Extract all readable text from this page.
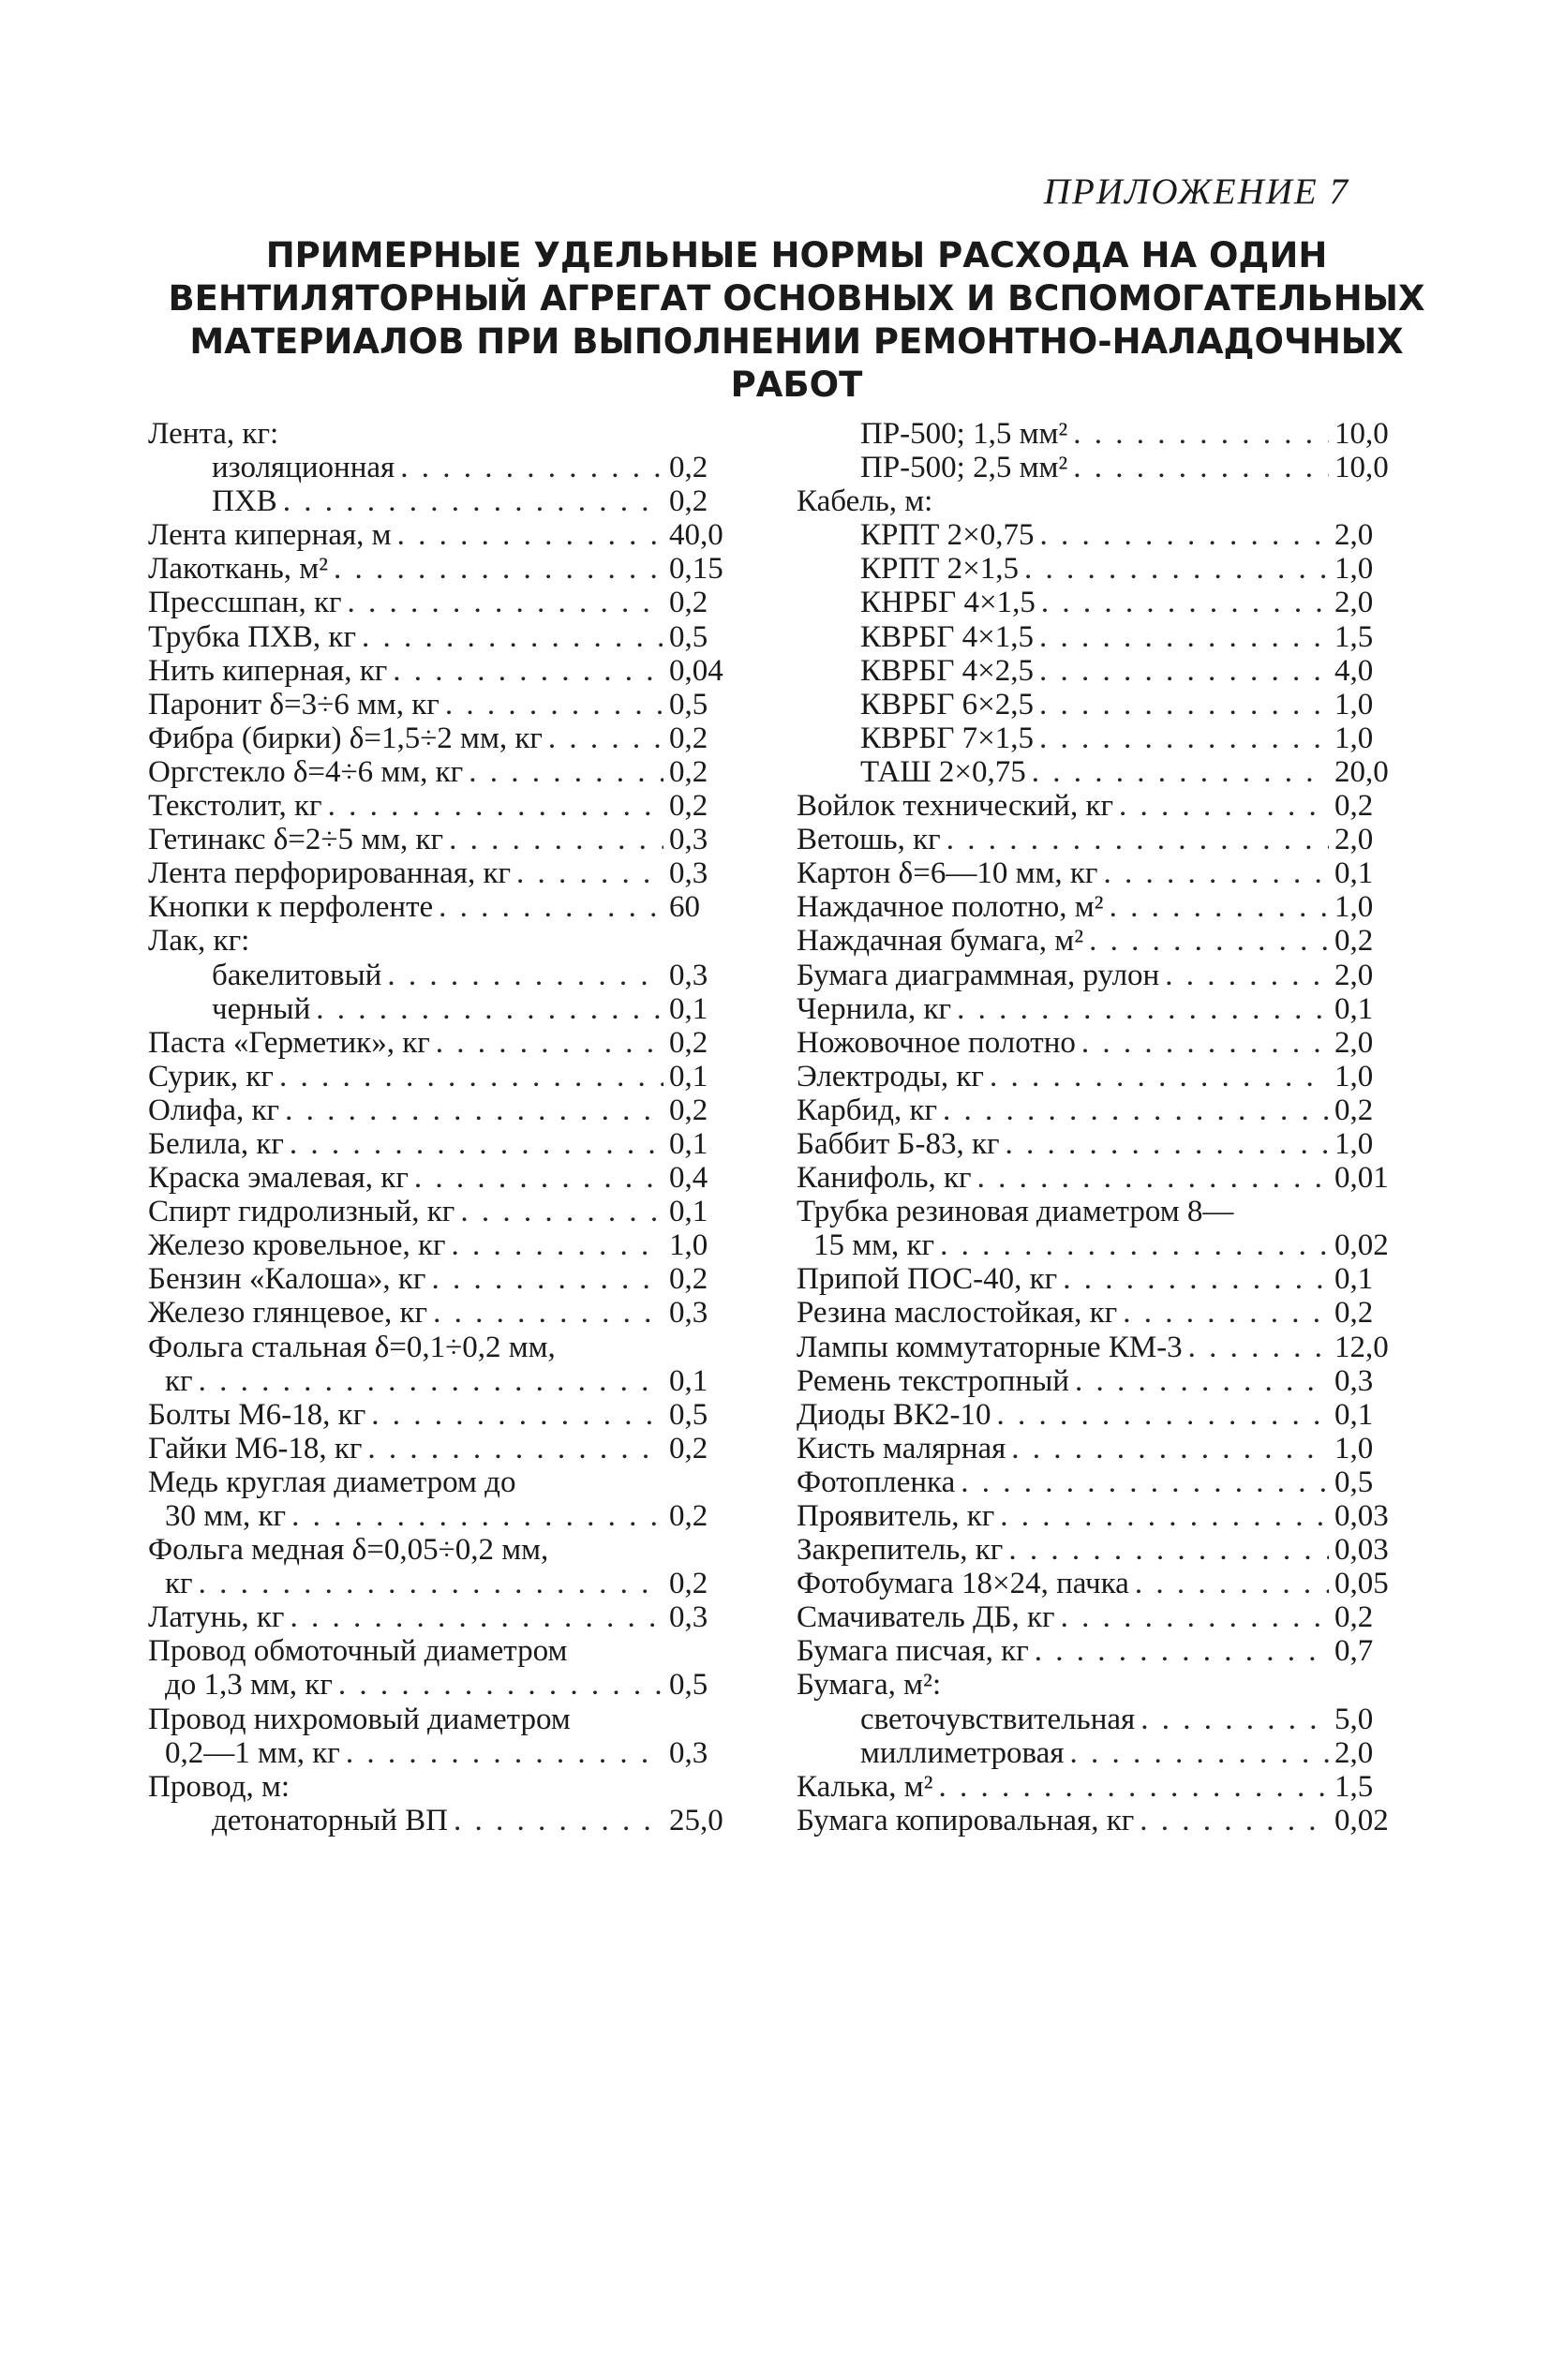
ПРИЛОЖЕНИЕ 7
ПРИМЕРНЫЕ УДЕЛЬНЫЕ НОРМЫ РАСХОДА НА ОДИН
ВЕНТИЛЯТОРНЫЙ АГРЕГАТ ОСНОВНЫХ И ВСПОМОГАТЕЛЬНЫХ
МАТЕРИАЛОВ ПРИ ВЫПОЛНЕНИИ РЕМОНТНО-НАЛАДОЧНЫХ
РАБОТ
Лента, кг:
изоляционная . . .	0,2
ПХВ . . .	0,2
Лента киперная, м . . .	40,0
Лакоткань, м² . . .	0,15
Прессшпан, кг . . .	0,2
Трубка ПХВ, кг . . .	0,5
Нить киперная, кг . . .	0,04
Паронит δ=3÷6 мм, кг . . .	0,5
Фибра (бирки) δ=1,5÷2 мм, кг . . .	0,2
Оргстекло δ=4÷6 мм, кг . . .	0,2
Текстолит, кг . . .	0,2
Гетинакс δ=2÷5 мм, кг . . .	0,3
Лента перфорированная, кг . . .	0,3
Кнопки к перфоленте . . .	60
Лак, кг:
бакелитовый . . .	0,3
черный . . .	0,1
Паста «Герметик», кг . . .	0,2
Сурик, кг . . .	0,1
Олифа, кг . . .	0,2
Белила, кг . . .	0,1
Краска эмалевая, кг . . .	0,4
Спирт гидролизный, кг . . .	0,1
Железо кровельное, кг . . .	1,0
Бензин «Калоша», кг . . .	0,2
Железо глянцевое, кг . . .	0,3
Фольга стальная δ=0,1÷0,2 мм,
кг . . .	0,1
Болты М6-18, кг . . .	0,5
Гайки М6-18, кг . . .	0,2
Медь круглая диаметром до
30 мм, кг . . .	0,2
Фольга медная δ=0,05÷0,2 мм,
кг . . .	0,2
Латунь, кг . . .	0,3
Провод обмоточный диаметром
до 1,3 мм, кг . . .	0,5
Провод нихромовый диаметром
0,2—1 мм, кг . . .	0,3
Провод, м:
детонаторный ВП . . .	25,0
ПР-500; 1,5 мм² . . .	10,0
ПР-500; 2,5 мм² . . .	10,0
Кабель, м:
КРПТ 2×0,75 . . .	2,0
КРПТ 2×1,5 . . .	1,0
КНРБГ 4×1,5 . . .	2,0
КВРБГ 4×1,5 . . .	1,5
КВРБГ 4×2,5 . . .	4,0
КВРБГ 6×2,5 . . .	1,0
КВРБГ 7×1,5 . . .	1,0
ТАШ 2×0,75 . . .	20,0
Войлок технический, кг . . .	0,2
Ветошь, кг . . .	2,0
Картон δ=6—10 мм, кг . . .	0,1
Наждачное полотно, м² . . .	1,0
Наждачная бумага, м² . . .	0,2
Бумага диаграммная, рулон . . .	2,0
Чернила, кг . . .	0,1
Ножовочное полотно . . .	2,0
Электроды, кг . . .	1,0
Карбид, кг . . .	0,2
Баббит Б-83, кг . . .	1,0
Канифоль, кг . . .	0,01
Трубка резиновая диаметром 8—
15 мм, кг . . .	0,02
Припой ПОС-40, кг . . .	0,1
Резина маслостойкая, кг . . .	0,2
Лампы коммутаторные КМ-3 . . .	12,0
Ремень текстропный . . .	0,3
Диоды ВК2-10 . . .	0,1
Кисть малярная . . .	1,0
Фотопленка . . .	0,5
Проявитель, кг . . .	0,03
Закрепитель, кг . . .	0,03
Фотобумага 18×24, пачка . . .	0,05
Смачиватель ДБ, кг . . .	0,2
Бумага писчая, кг . . .	0,7
Бумага, м²:
светочувствительная . . .	5,0
миллиметровая . . .	2,0
Калька, м² . . .	1,5
Бумага копировальная, кг . . .	0,02
